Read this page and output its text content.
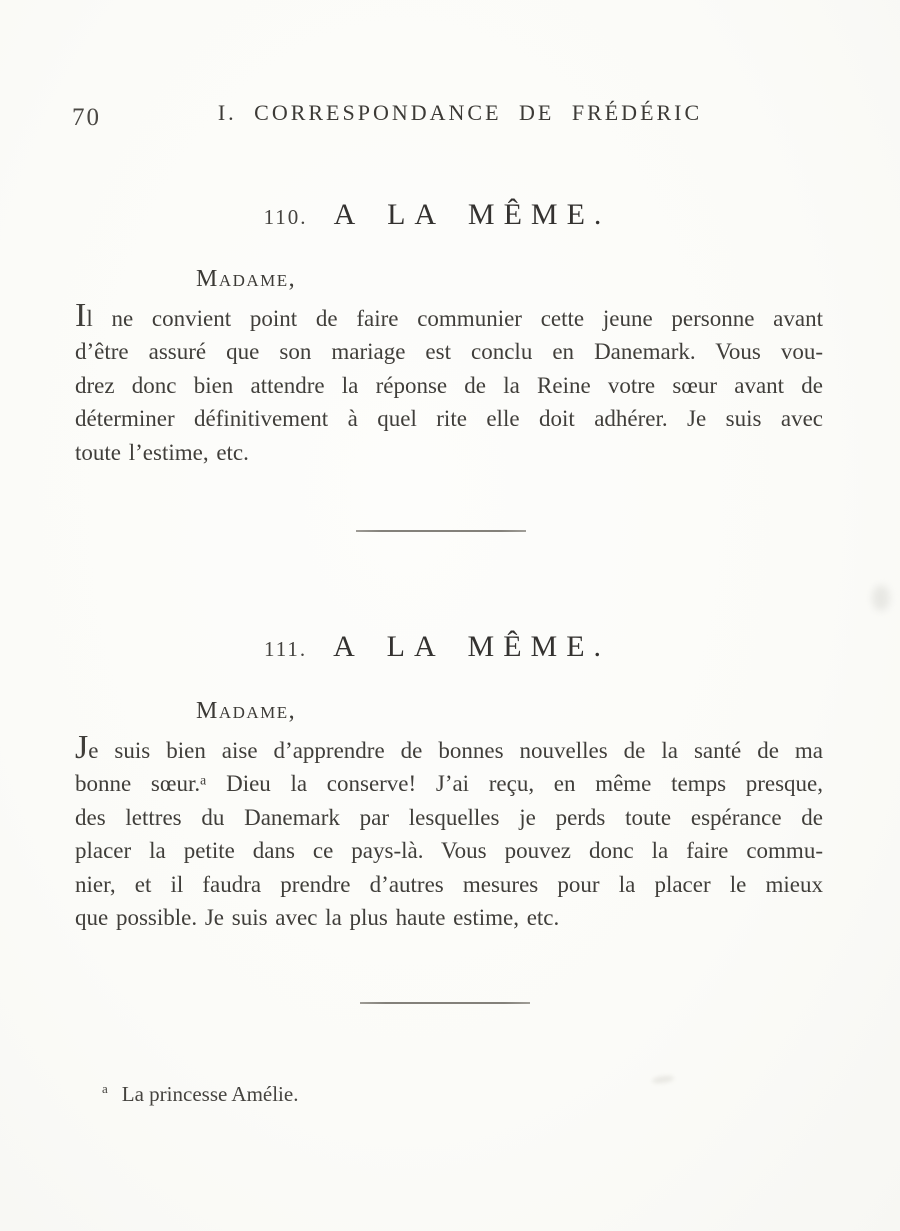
70	I. CORRESPONDANCE DE FRÉDÉRIC
110. A LA MÊME.
Madame,
Il ne convient point de faire communier cette jeune personne avant
d’être assuré que son mariage est conclu en Danemark. Vous vou-
drez donc bien attendre la réponse de la Reine votre sœur avant de
déterminer définitivement à quel rite elle doit adhérer. Je suis avec
toute l’estime, etc.
111. A LA MÊME.
Madame,
Je suis bien aise d’apprendre de bonnes nouvelles de la santé de ma
bonne sœur.ᵃ Dieu la conserve! J’ai reçu, en même temps presque,
des lettres du Danemark par lesquelles je perds toute espérance de
placer la petite dans ce pays-là. Vous pouvez donc la faire commu-
nier, et il faudra prendre d’autres mesures pour la placer le mieux
que possible. Je suis avec la plus haute estime, etc.
$^a$ La princesse Amélie.
